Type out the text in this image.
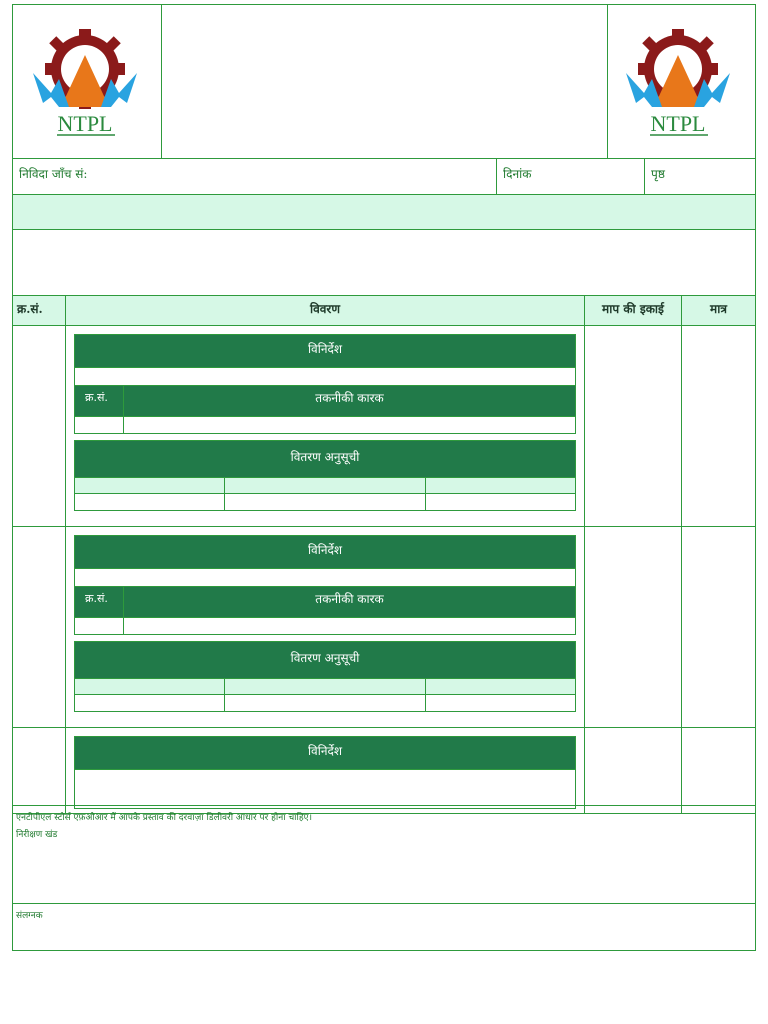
NTPL	NTPL
निविदा जाँच सं:	दिनांक	पृष्ठ
क्र.सं.	विवरण	माप की इकाई	मात्र
विनिर्देश
क्र.सं.	तकनीकी कारक
वितरण अनुसूची
विनिर्देश
क्र.सं.	तकनीकी कारक
वितरण अनुसूची
विनिर्देश
एनटीपीएल स्टोर्स एफ़ओआर में आपके प्रस्ताव की दरवाज़ा डिलीवरी आधार पर होना चाहिए।
निरीक्षण खंड
संलग्नक
